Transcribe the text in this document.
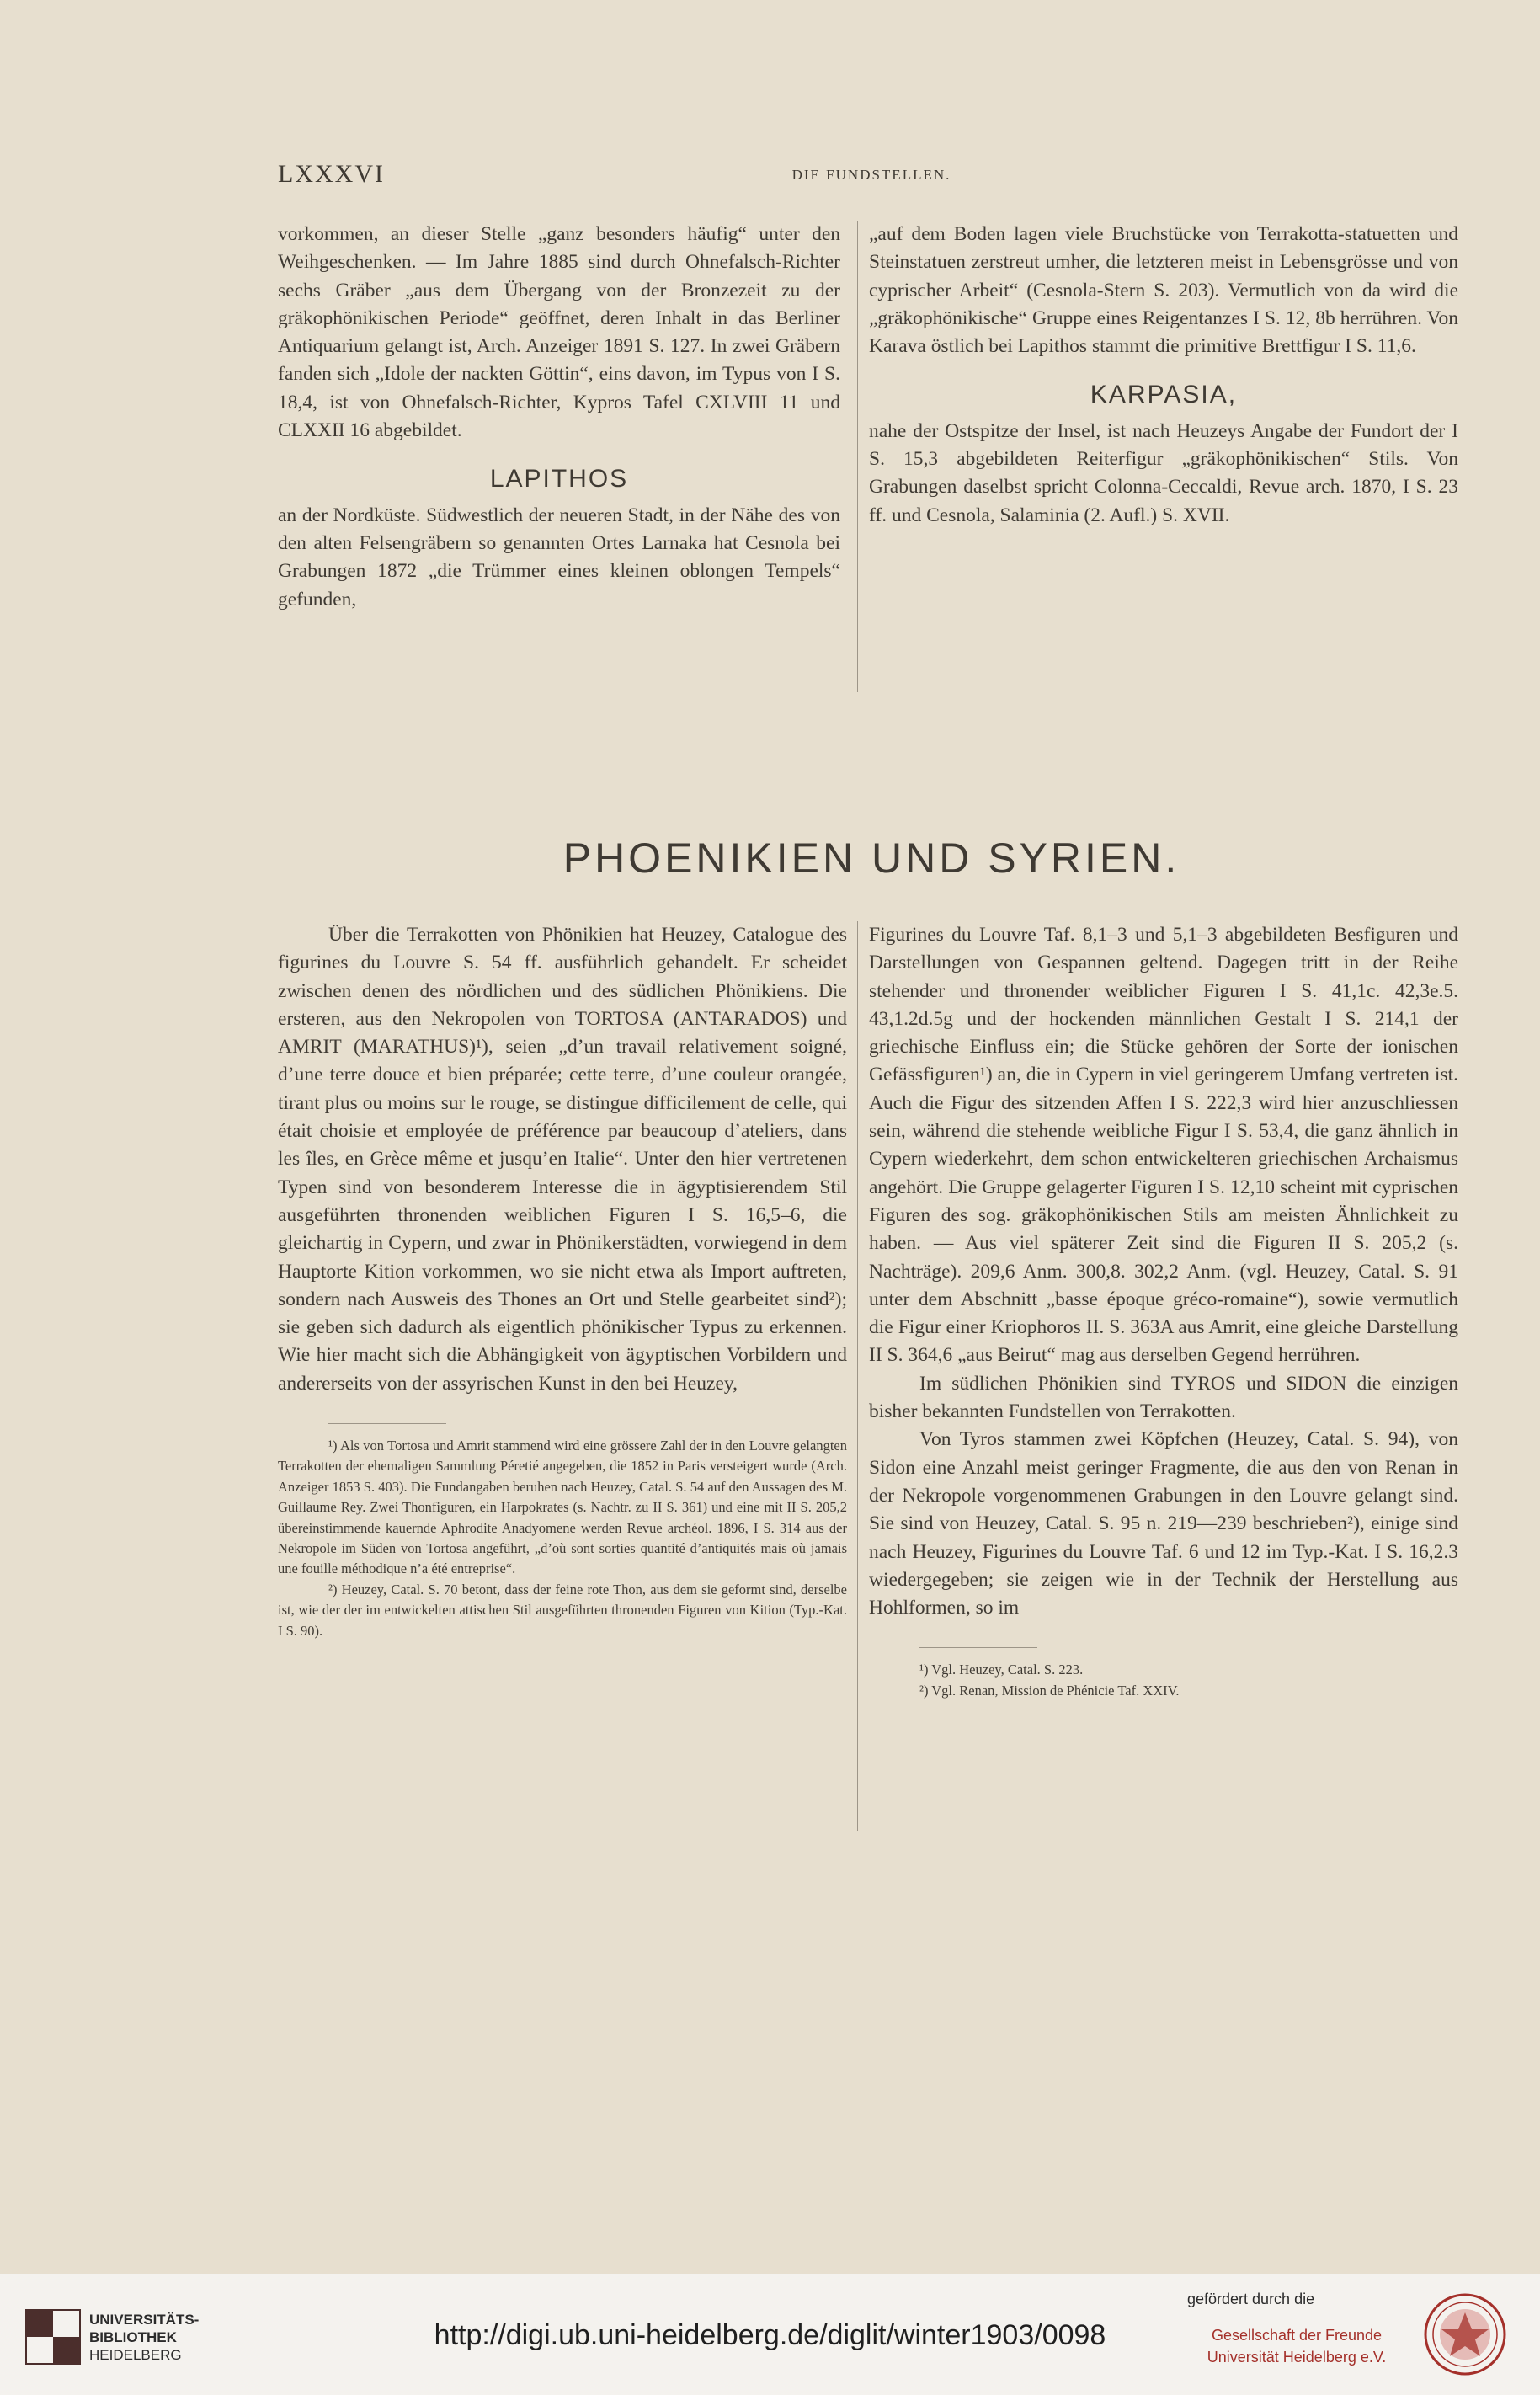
LXXXVI	DIE FUNDSTELLEN.

vorkommen, an dieser Stelle „ganz besonders häufig“ unter den Weihgeschenken. — Im Jahre 1885 sind durch Ohnefalsch-Richter sechs Gräber „aus dem Übergang von der Bronzezeit zu der gräkophönikischen Periode“ geöffnet, deren Inhalt in das Berliner Antiquarium gelangt ist, Arch. Anzeiger 1891 S. 127. In zwei Gräbern fanden sich „Idole der nackten Göttin“, eins davon, im Typus von I S. 18,4, ist von Ohnefalsch-Richter, Kypros Tafel CXLVIII 11 und CLXXII 16 abgebildet.

LAPITHOS

an der Nordküste. Südwestlich der neueren Stadt, in der Nähe des von den alten Felsengräbern so genannten Ortes Larnaka hat Cesnola bei Grabungen 1872 „die Trümmer eines kleinen oblongen Tempels“ gefunden,

„auf dem Boden lagen viele Bruchstücke von Terrakotta-statuetten und Steinstatuen zerstreut umher, die letzteren meist in Lebensgrösse und von cyprischer Arbeit“ (Cesnola-Stern S. 203). Vermutlich von da wird die „gräkophönikische“ Gruppe eines Reigentanzes I S. 12, 8b herrühren. Von Karava östlich bei Lapithos stammt die primitive Brettfigur I S. 11,6.

KARPASIA,

nahe der Ostspitze der Insel, ist nach Heuzeys Angabe der Fundort der I S. 15,3 abgebildeten Reiterfigur „gräkophönikischen“ Stils. Von Grabungen daselbst spricht Colonna-Ceccaldi, Revue arch. 1870, I S. 23 ff. und Cesnola, Salaminia (2. Aufl.) S. XVII.

PHOENIKIEN UND SYRIEN.

Über die Terrakotten von Phönikien hat Heuzey, Catalogue des figurines du Louvre S. 54 ff. ausführlich gehandelt. Er scheidet zwischen denen des nördlichen und des südlichen Phönikiens. Die ersteren, aus den Nekropolen von TORTOSA (ANTARADOS) und AMRIT (MARATHUS)¹), seien „d’un travail relativement soigné, d’une terre douce et bien préparée; cette terre, d’une couleur orangée, tirant plus ou moins sur le rouge, se distingue difficilement de celle, qui était choisie et employée de préférence par beaucoup d’ateliers, dans les îles, en Grèce même et jusqu’en Italie“. Unter den hier vertretenen Typen sind von besonderem Interesse die in ägyptisierendem Stil ausgeführten thronenden weiblichen Figuren I S. 16,5–6, die gleichartig in Cypern, und zwar in Phönikerstädten, vorwiegend in dem Hauptorte Kition vorkommen, wo sie nicht etwa als Import auftreten, sondern nach Ausweis des Thones an Ort und Stelle gearbeitet sind²); sie geben sich dadurch als eigentlich phönikischer Typus zu erkennen. Wie hier macht sich die Abhängigkeit von ägyptischen Vorbildern und andererseits von der assyrischen Kunst in den bei Heuzey,

¹) Als von Tortosa und Amrit stammend wird eine grössere Zahl der in den Louvre gelangten Terrakotten der ehemaligen Sammlung Péretié angegeben, die 1852 in Paris versteigert wurde (Arch. Anzeiger 1853 S. 403). Die Fundangaben beruhen nach Heuzey, Catal. S. 54 auf den Aussagen des M. Guillaume Rey. Zwei Thonfiguren, ein Harpokrates (s. Nachtr. zu II S. 361) und eine mit II S. 205,2 übereinstimmende kauernde Aphrodite Anadyomene werden Revue archéol. 1896, I S. 314 aus der Nekropole im Süden von Tortosa angeführt, „d’où sont sorties quantité d’antiquités mais où jamais une fouille méthodique n’a été entreprise“.

²) Heuzey, Catal. S. 70 betont, dass der feine rote Thon, aus dem sie geformt sind, derselbe ist, wie der der im entwickelten attischen Stil ausgeführten thronenden Figuren von Kition (Typ.-Kat. I S. 90).

Figurines du Louvre Taf. 8,1–3 und 5,1–3 abgebildeten Besfiguren und Darstellungen von Gespannen geltend. Dagegen tritt in der Reihe stehender und thronender weiblicher Figuren I S. 41,1c. 42,3e.5. 43,1.2d.5g und der hockenden männlichen Gestalt I S. 214,1 der griechische Einfluss ein; die Stücke gehören der Sorte der ionischen Gefässfiguren¹) an, die in Cypern in viel geringerem Umfang vertreten ist. Auch die Figur des sitzenden Affen I S. 222,3 wird hier anzuschliessen sein, während die stehende weibliche Figur I S. 53,4, die ganz ähnlich in Cypern wiederkehrt, dem schon entwickelteren griechischen Archaismus angehört. Die Gruppe gelagerter Figuren I S. 12,10 scheint mit cyprischen Figuren des sog. gräkophönikischen Stils am meisten Ähnlichkeit zu haben. — Aus viel späterer Zeit sind die Figuren II S. 205,2 (s. Nachträge). 209,6 Anm. 300,8. 302,2 Anm. (vgl. Heuzey, Catal. S. 91 unter dem Abschnitt „basse époque gréco-romaine“), sowie vermutlich die Figur einer Kriophoros II. S. 363A aus Amrit, eine gleiche Darstellung II S. 364,6 „aus Beirut“ mag aus derselben Gegend herrühren.

Im südlichen Phönikien sind TYROS und SIDON die einzigen bisher bekannten Fundstellen von Terrakotten.

Von Tyros stammen zwei Köpfchen (Heuzey, Catal. S. 94), von Sidon eine Anzahl meist geringer Fragmente, die aus den von Renan in der Nekropole vorgenommenen Grabungen in den Louvre gelangt sind. Sie sind von Heuzey, Catal. S. 95 n. 219—239 beschrieben²), einige sind nach Heuzey, Figurines du Louvre Taf. 6 und 12 im Typ.-Kat. I S. 16,2.3 wiedergegeben; sie zeigen wie in der Technik der Herstellung aus Hohlformen, so im

¹) Vgl. Heuzey, Catal. S. 223.

²) Vgl. Renan, Mission de Phénicie Taf. XXIV.

UNIVERSITÄTS-
BIBLIOTHEK
HEIDELBERG
http://digi.ub.uni-heidelberg.de/diglit/winter1903/0098
gefördert durch die
Gesellschaft der Freunde
Universität Heidelberg e.V.
